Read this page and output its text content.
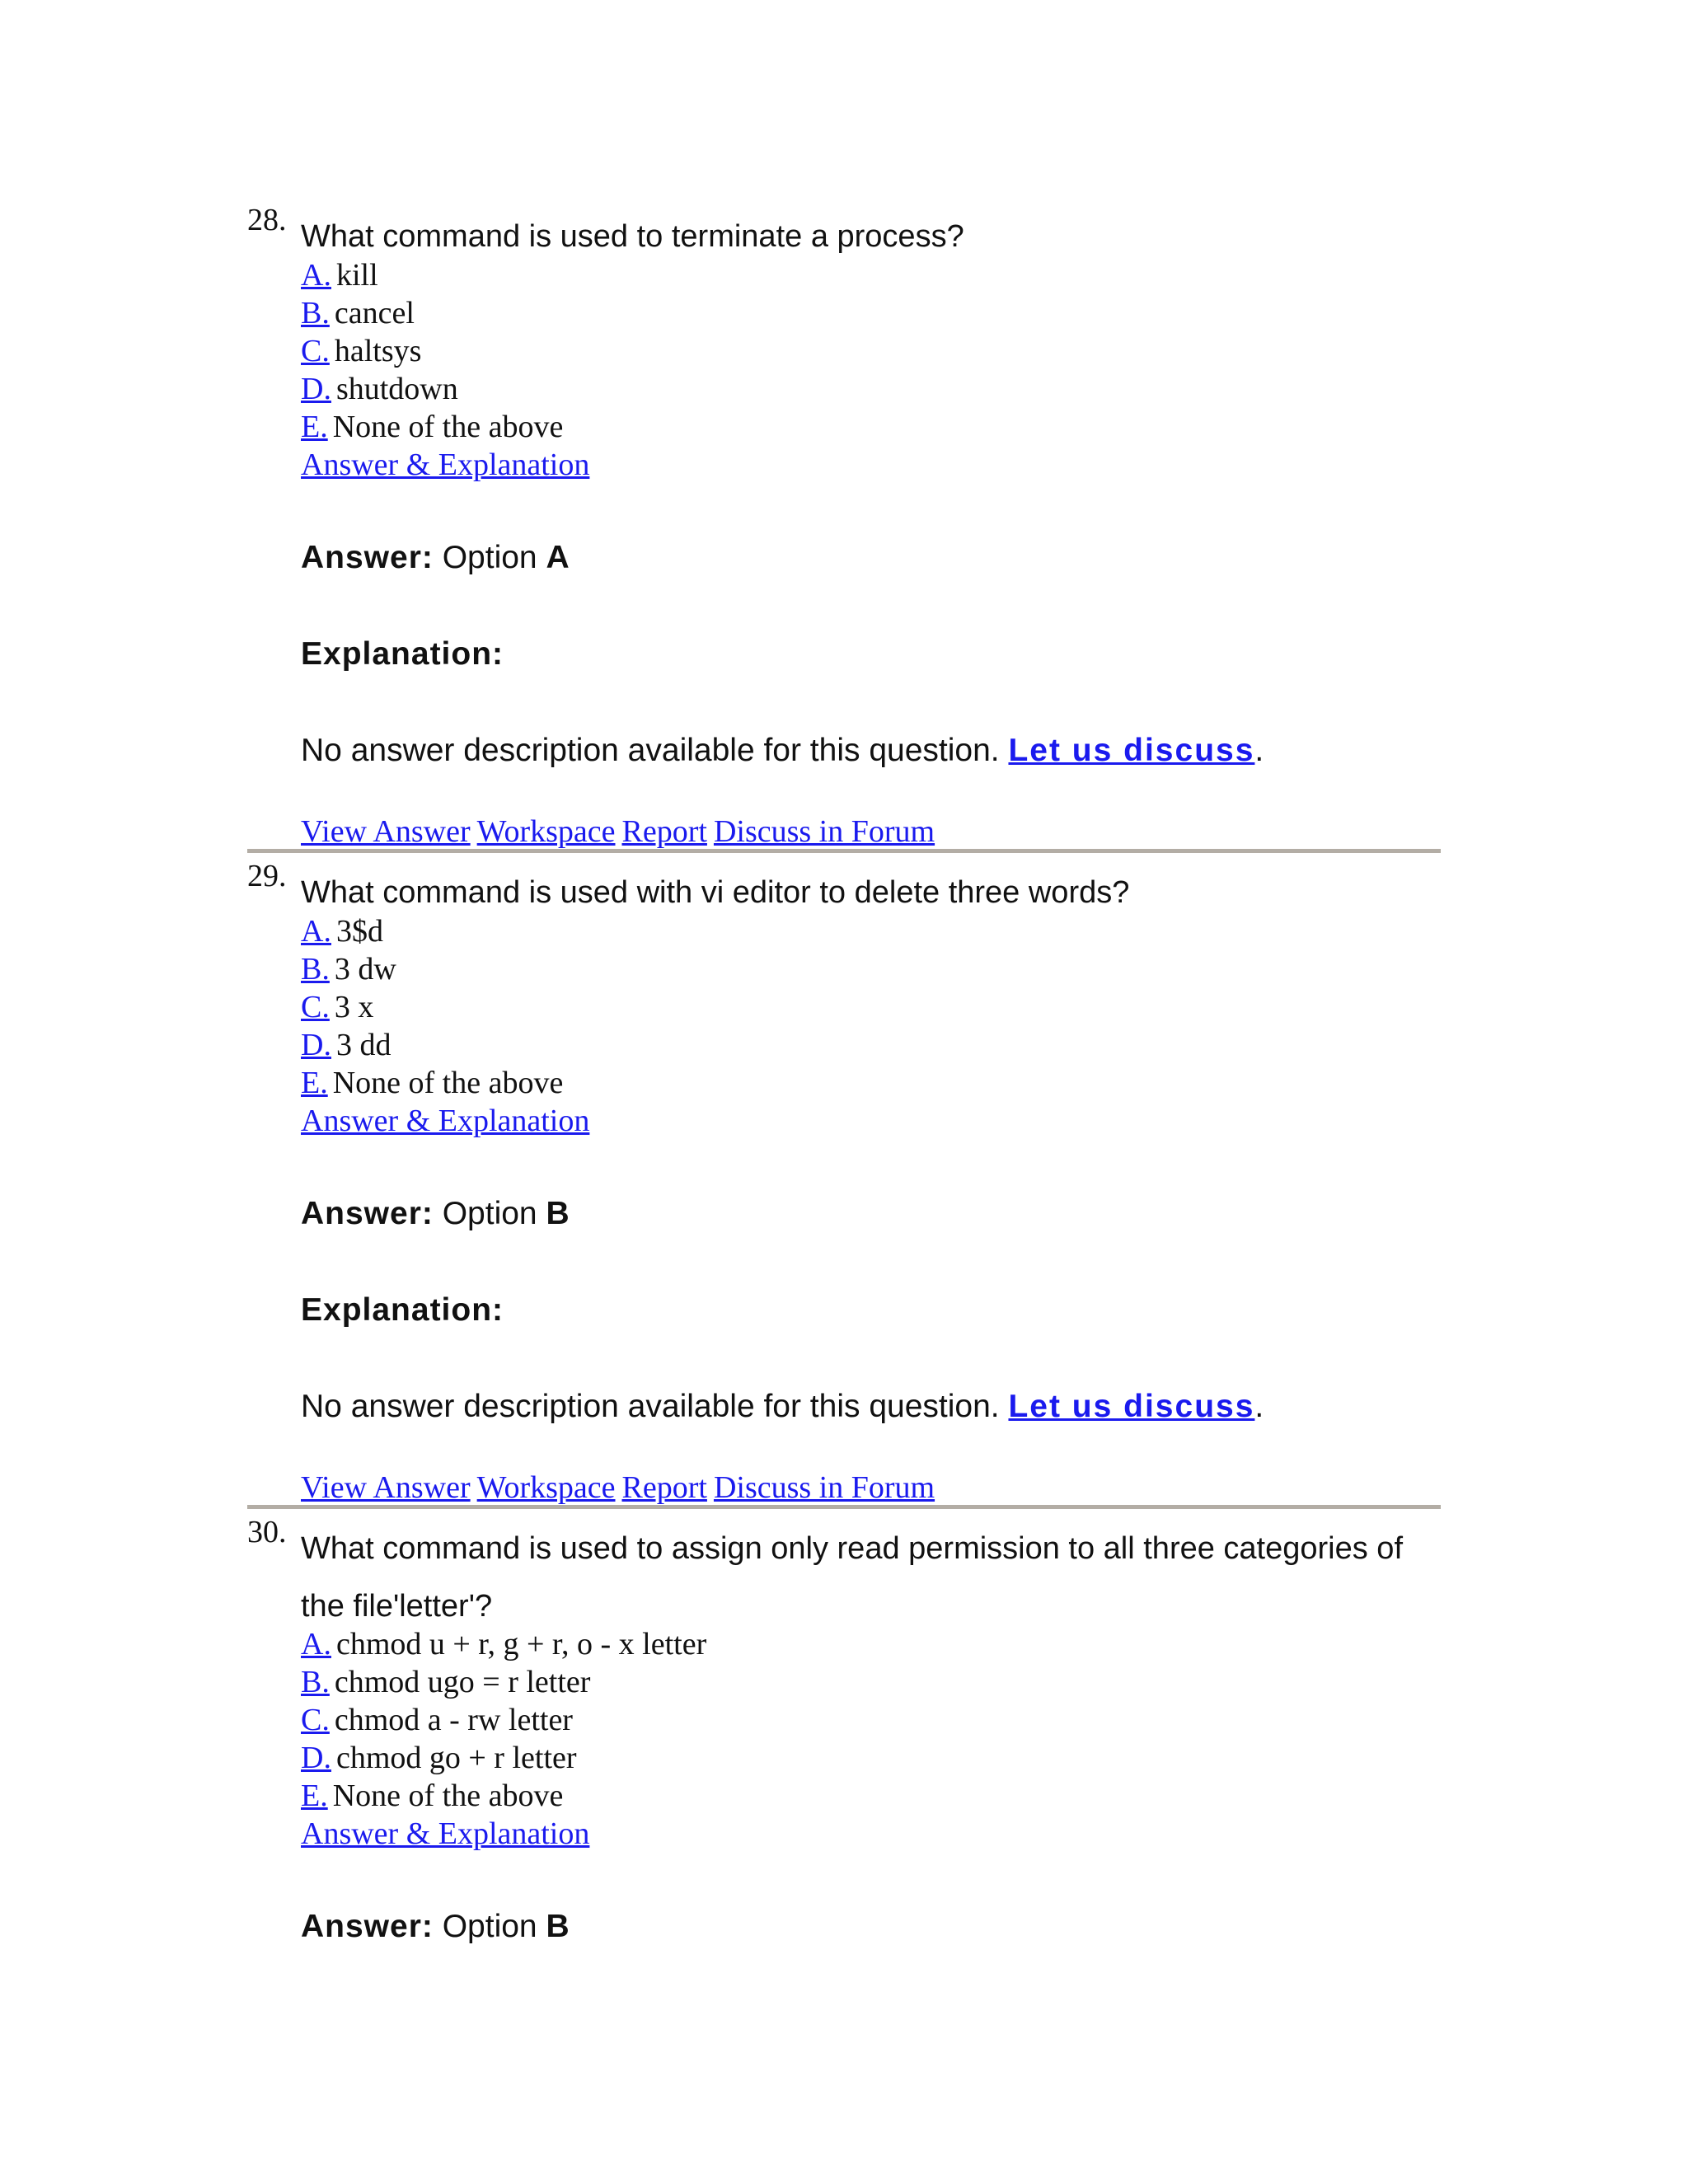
28. What command is used to terminate a process?
A. kill
B. cancel
C. haltsys
D. shutdown
E. None of the above
Answer & Explanation
Answer: Option A
Explanation:
No answer description available for this question. Let us discuss.
View Answer Workspace Report Discuss in Forum
29. What command is used with vi editor to delete three words?
A. 3$d
B. 3 dw
C. 3 x
D. 3 dd
E. None of the above
Answer & Explanation
Answer: Option B
Explanation:
No answer description available for this question. Let us discuss.
View Answer Workspace Report Discuss in Forum
30. What command is used to assign only read permission to all three categories of the file'letter'?
A. chmod u + r, g + r, o - x letter
B. chmod ugo = r letter
C. chmod a - rw letter
D. chmod go + r letter
E. None of the above
Answer & Explanation
Answer: Option B
